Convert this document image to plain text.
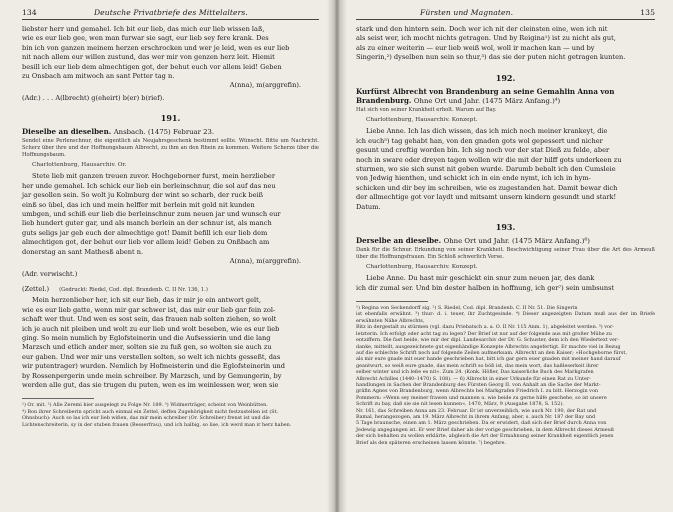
134	Deutsche Privatbriefe des Mittelalters.

liebster herr und gemahel. Ich bit eur lieb, das mich eur lieb wissen laß,

wie es eur lieb gee, wen man furwar sie sagt, eur lieb sey fere krank. Des

bin ich von ganzen meinem herzen erschrocken und wer je leid, wen es eur lieb

nit nach allem eur willen zustund, das wer mir von genzen herz leit. Hiemit

besill ich eur lieb dem almechtigen got, der behut euch vor allem leid! Geben

zu Onsbach am mitwoch an sant Petter tag n.

A(nna), m(arggrefin).

(Adr.) . . . A(lbrecht) g(eheirt) b(er) b(rief).

191.
Dieselbe an dieselben. Ansbach. (1475) Februar 23.

Sendet eine Perlenschnur, die eigentlich als Neujahrsgeschenk bestimmt sollte. Wünscht. Bitte um Nachricht. Scherz über ihre und der Hoffnungsbaum Albrecht, zu ihm an den Rhein zu kommen. Weitere Scherze über die Hoffnungsbaum.

Charlottenburg, Hausarchiv. Or.

Stete lieb mit ganzen treuen zuvor. Hochgeborner furst, mein herzlieber

her unde gemahel. Ich schick eur lieb ein berleinschnur, die sol auf das neu

jar gesollen sein. So wolt ju Kolmburg der wint so scharb, der ruck beiß

einß so übel, das ich und mein helffer mit berlein mit gold nit kunden

umbgen, und schiß eur lieb die berleinschnur zum neuen jar und wunsch eur

lieb hundert guter gar, und als manch berlein an der schnur ist, als manch

guts seligs jar geb euch der almechtige got! Damit befill ich eur lieb dem

almechtigen got, der behut eur lieb vor allem leid! Geben zu Onßbach am

donerstag an sant Mathesß abent n.

A(nna), m(arggrefin).

(Adr. verwischt.)

(Zettel.) (Gedruckt: Riedel, Cod. dipl. Brandenb. C. II Nr. 136, 1.)

Mein herzenlieber her, ich sit eur lieb, das ir mir je ein antwort gelt,

wie es eur lieb gatte, wenn mir gar schwer ist, das mir eur lieb gar fein zol-

schaft wer thut. Und wen es sost sein, das frauen nab solten ziehen, so wolt

ich je auch nit pleiben und wolt zu eur lieb und wolt beseben, wie es eur lieb

ging. So mein numlich by Eglofsteinerin und die Aufsessierin und die lang

Marzsch und etlich ander mer, solten sie zu fuß gen, so wolten sie auch zu

eur gaben. Und wer mir uns verstellen solten, so welt ich nichts gesseßt, das

wir putentrager) wurden. Nemlich by Hofmeisterin und die Eglofsteinerin und

by Rossenpergerin unde mein schreiber. By Marzsch, und by Gemungerin, by

werden alle gut, das sie trugen du puten, wen es im weinlessen wer, wen sie

¹) Or. mit. ²) Alle Zeremi hier ausgelegt zu Folge Nr. 189. ³) Widmerträger, scheint von Weinbütten.

⁴) Bon ihrer Schreiberin spricht auch einmal ein Zettel, deffen Zugehörigkeit nicht festzustellen ist (St.

Ohnsbuch): Auch so las ich eur lieb wißen, das mir mein schreiber (Or. Schreiber) frenst ist und die

Lichtenschreiterin, sy in der stuben frauen (Besserfrau), und ich halbig, so lise, ich werd man ir herz haben.

Fürsten und Magnaten.	135

stark und den hintern sein. Doch wer ich nit der cleinsten eine, wen ich nit

als seist wer, ich mocht nichts getragen. Und by Reigina¹) ist zu nicht als gut,

als zu einer weiterin — eur lieb weiß wol, woll ir machen kan — und by

Singerin,²) dyselben nun sein so thur,³) das sie der puten nicht getragen kunten.

192.
Kurfürst Albrecht von Brandenburg an seine Gemahlin Anna von Brandenburg. Ohne Ort und Jahr. (1475 März Anfang.)⁴)

Hat sich von seiner Krankheit erholt. Warum auf Bay.

Charlottenburg, Hausarchiv. Konzept.

Liebe Anne. Ich las dich wissen, das ich mich noch meiner krankeyt, die

ich euch⁵) tag gehabt han, von den gnaden gots wol gepessert und nicher

gesunt und creftig worden bin. Ich sig noch vor der stat Dieß zu felde, aber

noch in sware oder dreyen tagen wollen wir die mit der hilff gots underkeen zu

sturmen, wo sie sich sunst nit geben wurde. Darumb bebalt ich den Cumsleie

von Jedwig hienthen, und schickt ich in ein ende nymt, ich ich in hym-

schicken und dir bey im schreiben, wie es zugestanden hat. Damit bewar dich

der allmechtige got vor laydt und mitsamt unsern kindern gesundt und stark!

Datum.

193.
Derselbe an dieselbe. Ohne Ort und Jahr. (1475 März Anfang.)⁶)

Dank für die Schnur. Erkundung von seiner Krankheit. Beschwichtigung seiner Frau über die Art des Armeuß über die Hoffnungsfrauen. Ein Schloß schwerlich Verse.

Charlottenburg, Hausarchiv. Konzept.

Liebe Anne. Du hast mir geschickt ein snur zum neuen jar, des dank

ich dir zumal ser. Und bin dester halben in hoffnung, ich ger⁷) sein umbsunst

¹) Regina von Seckendorff sig. ²) S. Riedel, Cod. dipl. Brandenb. C. II Nr. 51. Die Singerin

ist ebenfalls erwähnt. ³) thur: d. i. teuer, ihr Zuchtgesinde. ⁴) Dieser angezeigten Datum muß aus der im Briefe erwähnten Nähe Albrechts,

Bitz in dergestalt zu stürmen (vgl. dazu Priebatsch a. a. O. II Nr. 115 Anm. 1), abgeleitet werden. ⁵) vor-

letzterin. Ich erfolgt oder acht tag zu legen? Der Brief ist nur auf der folgende aus mit großer Mühe zu

entziffern. Die fast beide, wie mir der dipl. Landesarchiv der Dr. G. Schuster, dem ich den Wiedertext ver-

danke, mitteilt, ausgezeichnete gut eigenhändige Konzepte Albrechts angefertigt. Er machte viel in Bezug

auf die schlechte Schrift noch auf folgende Zeilen aufmerksam. Albrecht an den Kaiser; »Hochgeborne fürst,

als mir eure gnade mit euer hande geschrieben hat, bitt ich gar gern euer gnaden mit meiner hand darauf

geantwurt, so weiß eure gnade, das mein schrift so böß ist, das mein wort, das haßleserkeit ihrer

selber winter und ich leße es nit«. Zum 24. (Konk. Höfler, Das kaiserliche Buch des Markgrafen

Albrecht Achilles (1440–1470) S. 108). — 6) Albrecht in einer Urkunde für einen Rat zu Unter-

handlungen in Sachen der Brandenburg des Fürsten Georg II. von Anhalt an die Sache der Markt-

gräfin Agnes von Brandenburg, wenn Albrechts bei Markgrafen Friedrich I. zu bitt. Herzogin von

Pommern: »Wenn sey meiner frawen und mannen u. wie beide zu gerne hilfe geschehe, so ist unsere

Schrift zu bay, daß sie sie nit lesen kunnen«, 1470, März, 9 (Ausgabe 1878, S. 152).

Nr. 161, das Schreiben Anna am 23. Februar. Er ist unverzeihlich, wie auch Nr. 190, der Rat und

Bamal, herangezogen, am 19. März Albrecht in ihrem Anfang, aber, s. auch Nr. 187 der Bay und

5 Tage braunsche, einen am 1. März geschrieben. Da er erwidert, daß sich der Brief durch Anna von

Jedewig angegangen ist. Er wer Brief daher als der vorige geschrieben, in dem Albrecht dieses Armeuß

der sich behalten zu wollen erklärte, abgleich die Art der Ermahnung seiner Krankheit eigentlich jenen

Brief als den späteren erscheinen lassen könnte. ⁷) begehre.
